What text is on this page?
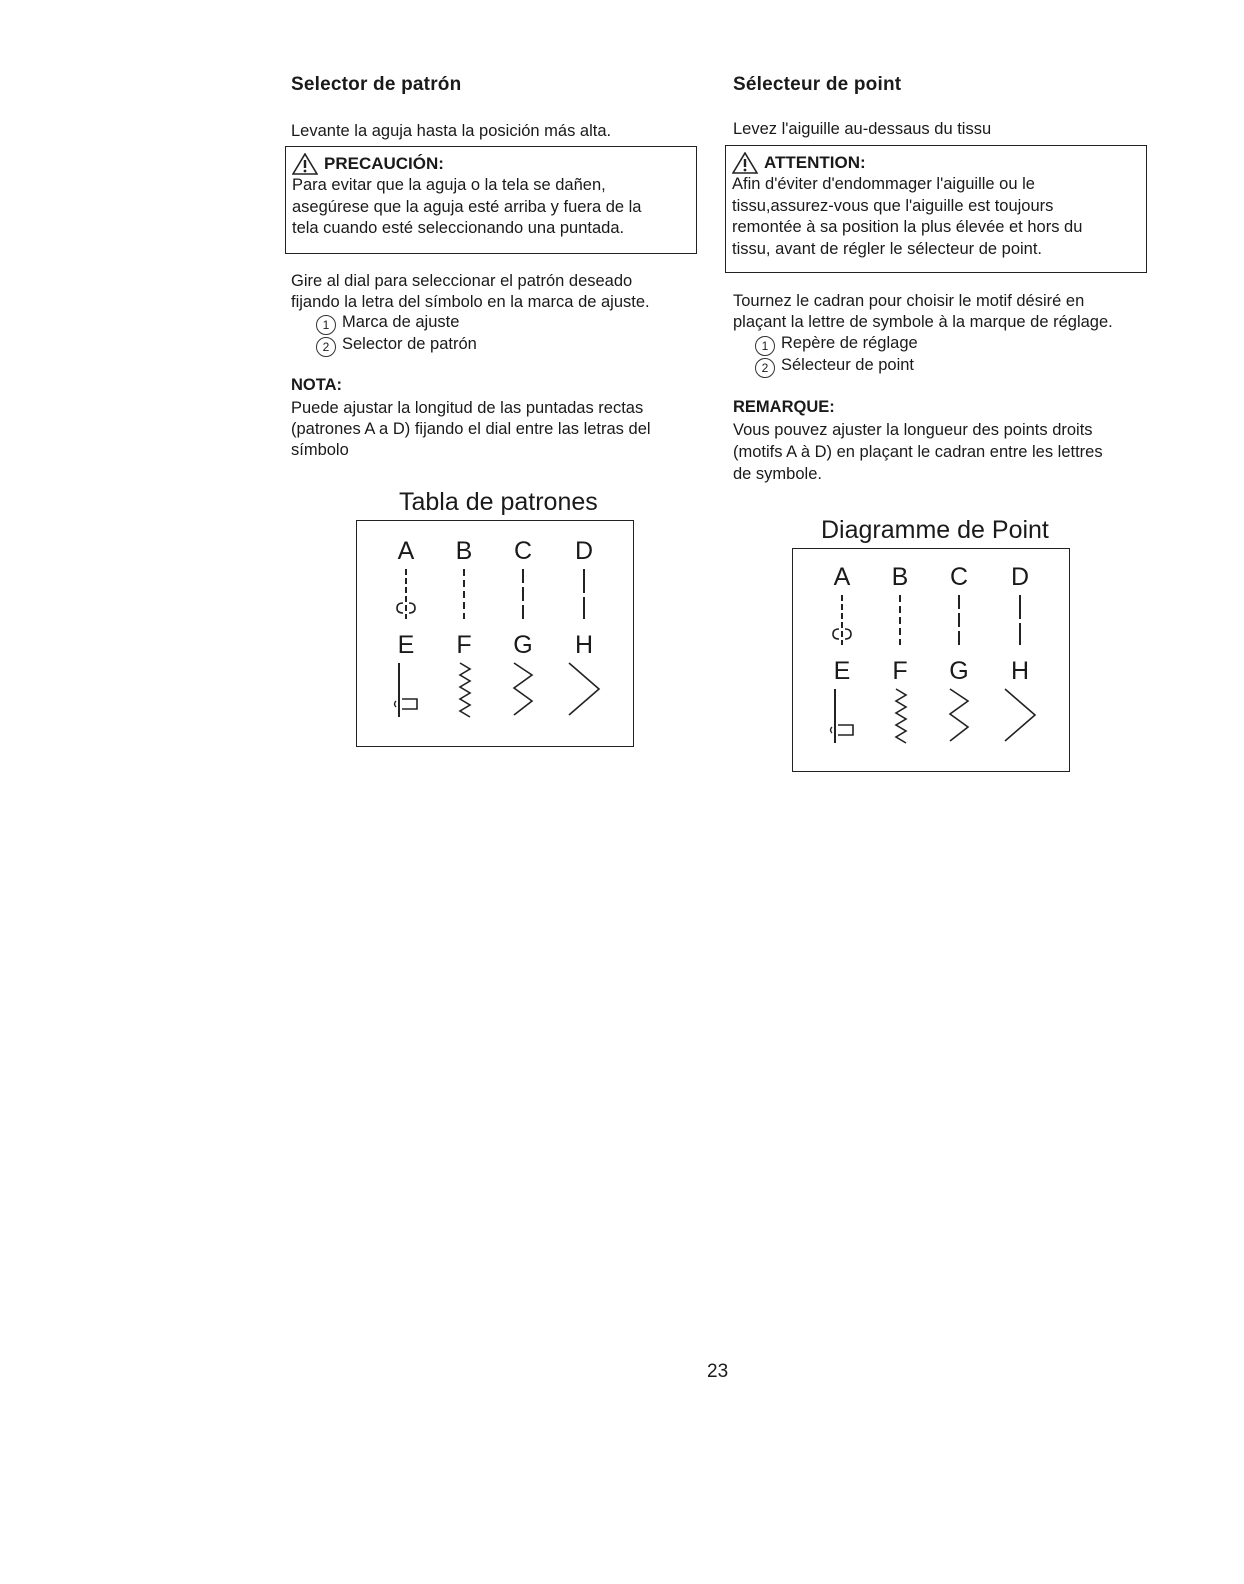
Selector de patrón
Levante la aguja hasta la posición más alta.
PRECAUCIÓN:
Para evitar que la aguja o la tela se dañen,
asegúrese que la aguja esté arriba y fuera de la
tela cuando esté seleccionando una puntada.
Gire al dial para seleccionar el patrón deseado
fijando la letra del símbolo en la marca de ajuste.
1 Marca de ajuste
2 Selector de patrón
NOTA:
Puede ajustar la longitud de las puntadas rectas
(patrones A a D) fijando el dial entre las letras del
símbolo
Tabla de patrones
A B C D
E F G H
Sélecteur de point
Levez l'aiguille au-dessaus du tissu
ATTENTION:
Afin d'éviter d'endommager l'aiguille ou le
tissu,assurez-vous que l'aiguille est toujours
remontée à sa position la plus élevée et hors du
tissu, avant de régler le sélecteur de point.
Tournez le cadran pour choisir le motif désiré en
plaçant la lettre de symbole à la marque de réglage.
1 Repère de réglage
2 Sélecteur de point
REMARQUE:
Vous pouvez ajuster la longueur des points droits
(motifs A à D) en plaçant le cadran entre les lettres
de symbole.
Diagramme de Point
A B C D
E F G H
23
